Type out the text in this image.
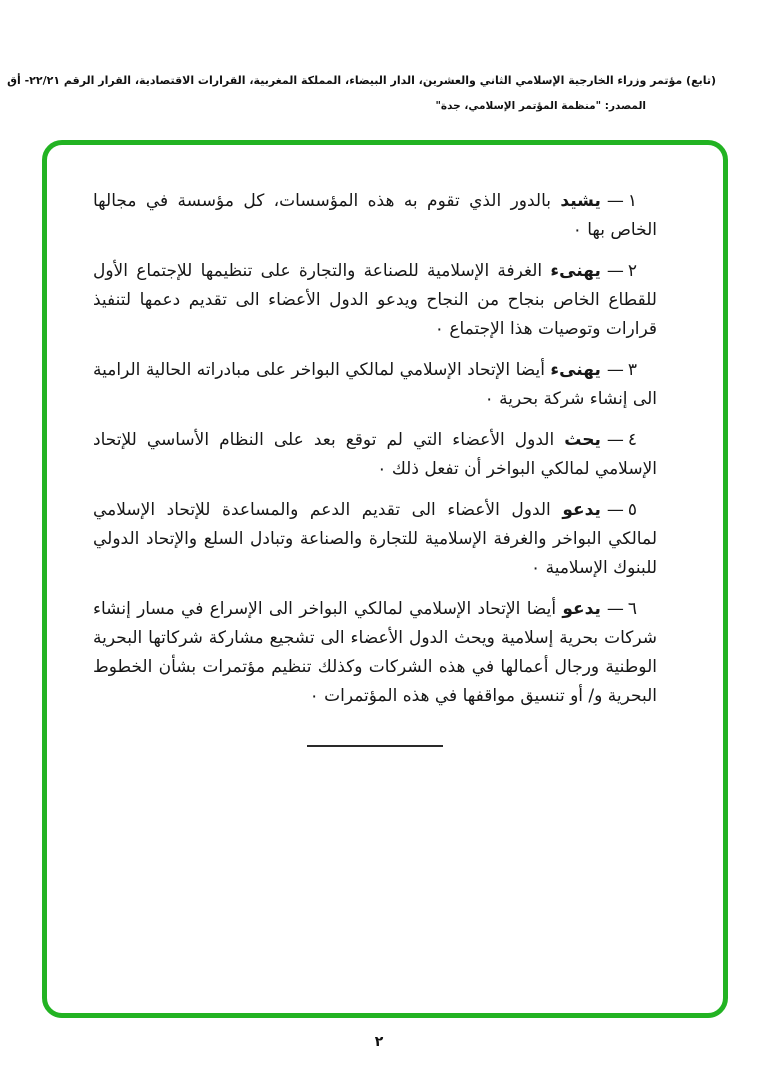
(تابع) مؤتمر وزراء الخارجية الإسلامي الثاني والعشرين، الدار البيضاء، المملكة المغربية، القرارات الاقتصادية، القرار الرقم ٢٢/٢١- أق
المصدر: "منظمة المؤتمر الإسلامي، جدة"

١—يشيد بالدور الذي تقوم به هذه المؤسسات، كل مؤسسة في مجالها الخاص بها ٠

٢—يهنىء الغرفة الإسلامية للصناعة والتجارة على تنظيمها للإجتماع الأول للقطاع الخاص بنجاح من النجاح ويدعو الدول الأعضاء الى تقديم دعمها لتنفيذ قرارات وتوصيات هذا الإجتماع ٠

٣—يهنىء أيضا الإتحاد الإسلامي لمالكي البواخر على مبادراته الحالية الرامية الى إنشاء شركة بحرية ٠

٤—يحث الدول الأعضاء التي لم توقع بعد على النظام الأساسي للإتحاد الإسلامي لمالكي البواخر أن تفعل ذلك ٠

٥—يدعو الدول الأعضاء الى تقديم الدعم والمساعدة للإتحاد الإسلامي لمالكي البواخر والغرفة الإسلامية للتجارة والصناعة وتبادل السلع والإتحاد الدولي للبنوك الإسلامية ٠

٦—يدعو أيضا الإتحاد الإسلامي لمالكي البواخر الى الإسراع في مسار إنشاء شركات بحرية إسلامية ويحث الدول الأعضاء الى تشجيع مشاركة شركاتها البحرية الوطنية ورجال أعمالها في هذه الشركات وكذلك تنظيم مؤتمرات بشأن الخطوط البحرية و/ أو تنسيق مواقفها في هذه المؤتمرات ٠

٢
